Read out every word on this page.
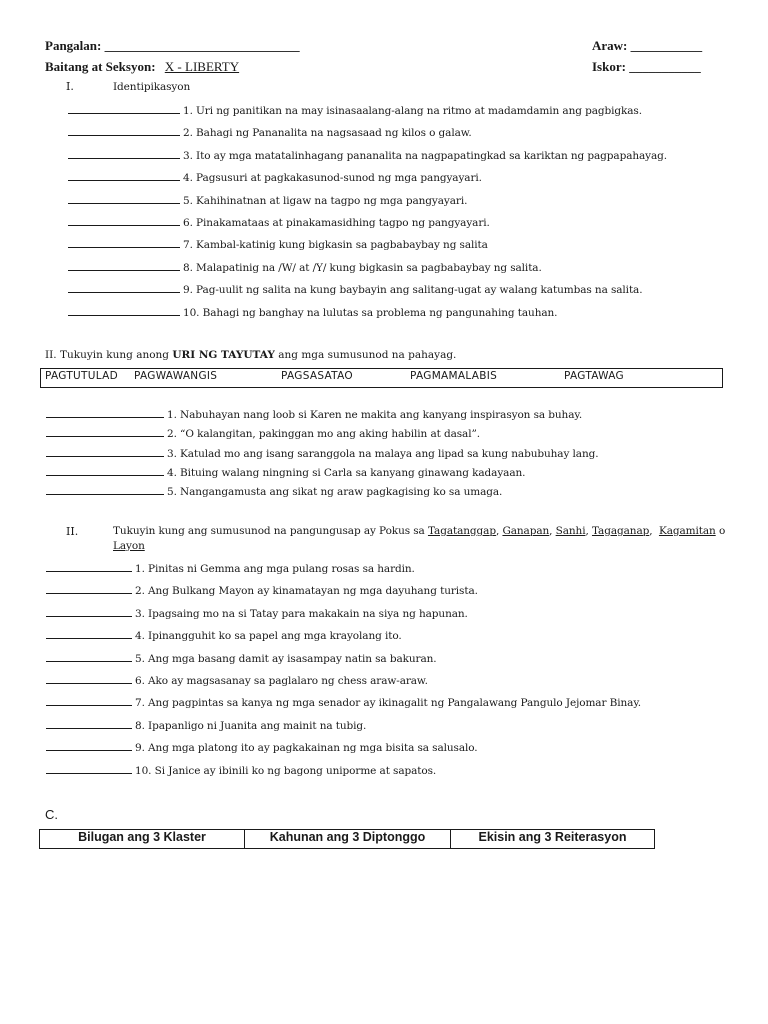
Pangalan: ______________________________
Baitang at Seksyon: X - LIBERTY
Araw: ___________
Iskor: ___________
I.	Identipikasyon
1. Uri ng panitikan na may isinasaalang-alang na ritmo at madamdamin ang pagbigkas.
2. Bahagi ng Pananalita na nagsasaad ng kilos o galaw.
3. Ito ay mga matatalinhagang pananalita na nagpapatingkad sa kariktan ng pagpapahayag.
4. Pagsusuri at pagkakasunod-sunod ng mga pangyayari.
5. Kahihinatnan at ligaw na tagpo ng mga pangyayari.
6. Pinakamataas at pinakamasidhing tagpo ng pangyayari.
7. Kambal-katinig kung bigkasin sa pagbabaybay ng salita
8. Malapatinig na /W/ at /Y/ kung bigkasin sa pagbabaybay ng salita.
9. Pag-uulit ng salita na kung baybayin ang salitang-ugat ay walang katumbas na salita.
10. Bahagi ng banghay na lulutas sa problema ng pangunahing tauhan.
II. Tukuyin kung anong URI NG TAYUTAY ang mga sumusunod na pahayag.
PAGTUTULAD PAGWAWANGIS	PAGSASATAO	PAGMAMALABIS	PAGTAWAG
1. Nabuhayan nang loob si Karen ne makita ang kanyang inspirasyon sa buhay.
2. “O kalangitan, pakinggan mo ang aking habilin at dasal”.
3. Katulad mo ang isang saranggola na malaya ang lipad sa kung nabubuhay lang.
4. Bituing walang ningning si Carla sa kanyang ginawang kadayaan.
5. Nangangamusta ang sikat ng araw pagkagising ko sa umaga.
II.	Tukuyin kung ang sumusunod na pangungusap ay Pokus sa Tagatanggap, Ganapan, Sanhi, Tagaganap,  Kagamitan o
Layon
1. Pinitas ni Gemma ang mga pulang rosas sa hardin.
2. Ang Bulkang Mayon ay kinamatayan ng mga dayuhang turista.
3. Ipagsaing mo na si Tatay para makakain na siya ng hapunan.
4. Ipinangguhit ko sa papel ang mga krayolang ito.
5. Ang mga basang damit ay isasampay natin sa bakuran.
6. Ako ay magsasanay sa paglalaro ng chess araw-araw.
7. Ang pagpintas sa kanya ng mga senador ay ikinagalit ng Pangalawang Pangulo Jejomar Binay.
8. Ipapanligo ni Juanita ang mainit na tubig.
9. Ang mga platong ito ay pagkakainan ng mga bisita sa salusalo.
10. Si Janice ay ibinili ko ng bagong uniporme at sapatos.
C.
Bilugan ang 3 Klaster	Kahunan ang 3 Diptonggo	Ekisin ang 3 Reiterasyon
